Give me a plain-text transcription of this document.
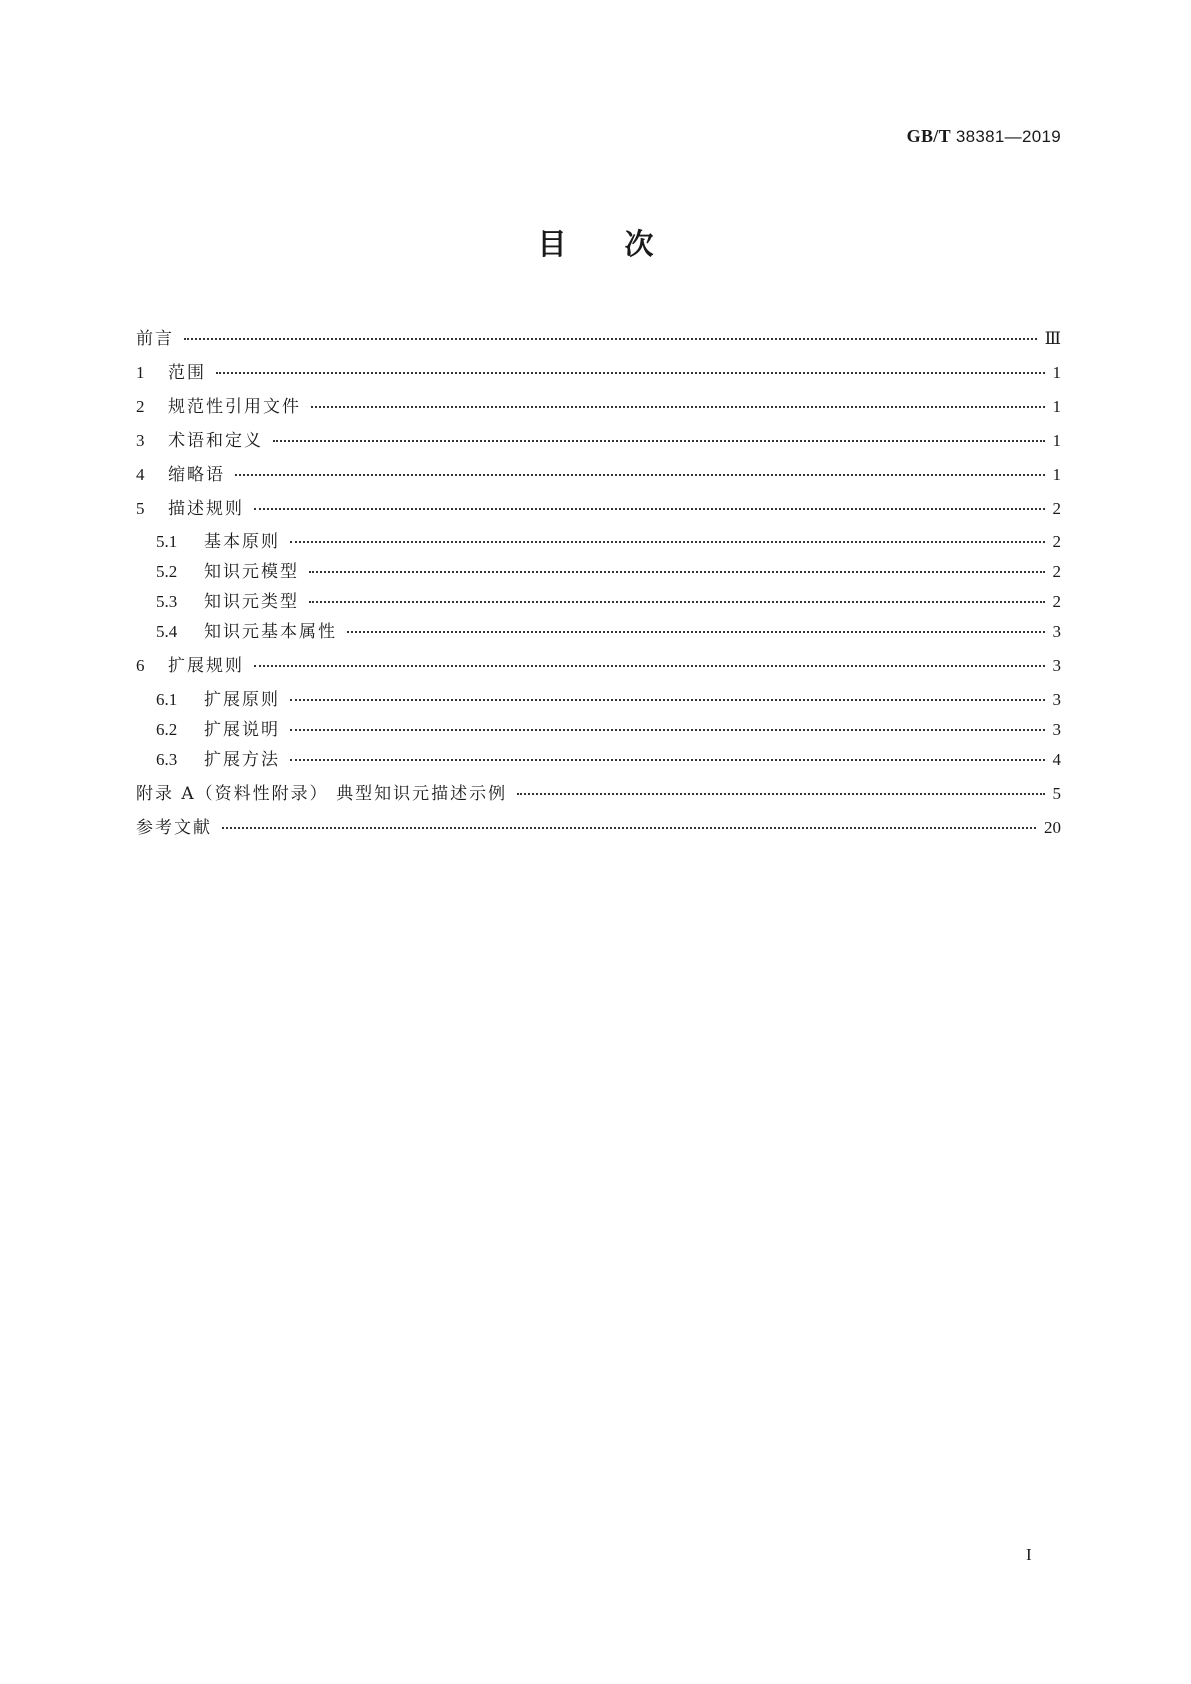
GB/T 38381—2019
目次
前言	Ⅲ
1	范围	1
2	规范性引用文件	1
3	术语和定义	1
4	缩略语	1
5	描述规则	2
5.1	基本原则	2
5.2	知识元模型	2
5.3	知识元类型	2
5.4	知识元基本属性	3
6	扩展规则	3
6.1	扩展原则	3
6.2	扩展说明	3
6.3	扩展方法	4
附录 A（资料性附录） 典型知识元描述示例	5
参考文献	20
I
